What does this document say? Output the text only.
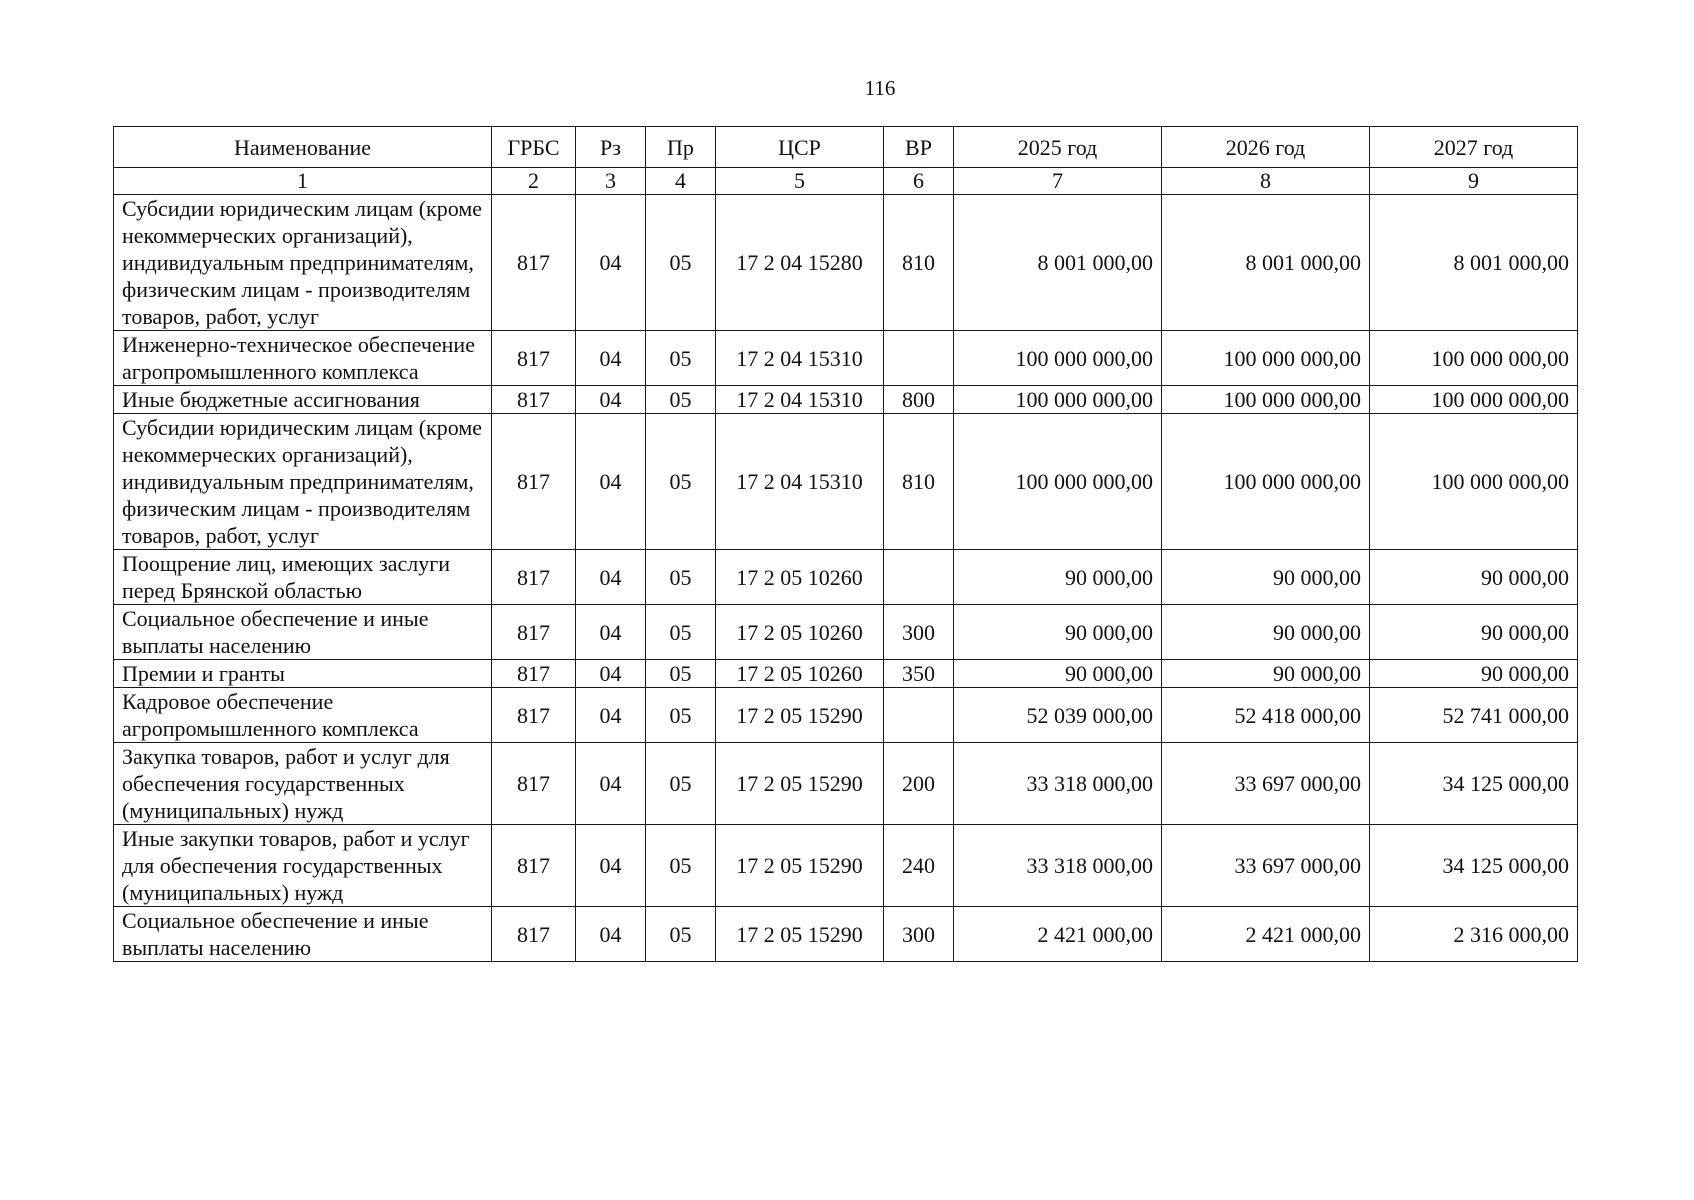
116
Наименование	ГРБС	Рз	Пр	ЦСР	ВР	2025 год	2026 год	2027 год
1	2	3	4	5	6	7	8	9
Субсидии юридическим лицам (кроме некоммерческих организаций), индивидуальным предпринимателям, физическим лицам - производителям товаров, работ, услуг	817	04	05	17 2 04 15280	810	8 001 000,00	8 001 000,00	8 001 000,00
Инженерно-техническое обеспечение агропромышленного комплекса	817	04	05	17 2 04 15310		100 000 000,00	100 000 000,00	100 000 000,00
Иные бюджетные ассигнования	817	04	05	17 2 04 15310	800	100 000 000,00	100 000 000,00	100 000 000,00
Субсидии юридическим лицам (кроме некоммерческих организаций), индивидуальным предпринимателям, физическим лицам - производителям товаров, работ, услуг	817	04	05	17 2 04 15310	810	100 000 000,00	100 000 000,00	100 000 000,00
Поощрение лиц, имеющих заслуги перед Брянской областью	817	04	05	17 2 05 10260		90 000,00	90 000,00	90 000,00
Социальное обеспечение и иные выплаты населению	817	04	05	17 2 05 10260	300	90 000,00	90 000,00	90 000,00
Премии и гранты	817	04	05	17 2 05 10260	350	90 000,00	90 000,00	90 000,00
Кадровое обеспечение агропромышленного комплекса	817	04	05	17 2 05 15290		52 039 000,00	52 418 000,00	52 741 000,00
Закупка товаров, работ и услуг для обеспечения государственных (муниципальных) нужд	817	04	05	17 2 05 15290	200	33 318 000,00	33 697 000,00	34 125 000,00
Иные закупки товаров, работ и услуг для обеспечения государственных (муниципальных) нужд	817	04	05	17 2 05 15290	240	33 318 000,00	33 697 000,00	34 125 000,00
Социальное обеспечение и иные выплаты населению	817	04	05	17 2 05 15290	300	2 421 000,00	2 421 000,00	2 316 000,00
